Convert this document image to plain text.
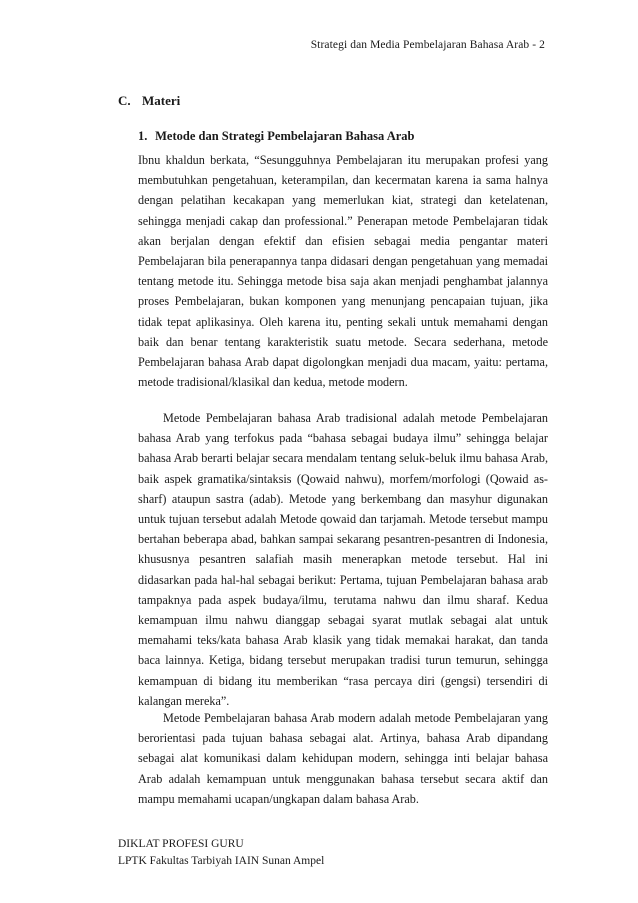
Strategi dan Media Pembelajaran Bahasa Arab - 2
C. Materi
1. Metode dan Strategi Pembelajaran Bahasa Arab

Ibnu khaldun berkata, “Sesungguhnya Pembelajaran itu merupakan profesi yang membutuhkan pengetahuan, keterampilan, dan kecermatan karena ia sama halnya dengan pelatihan kecakapan yang memerlukan kiat, strategi dan ketelatenan, sehingga menjadi cakap dan professional.” Penerapan metode Pembelajaran tidak akan berjalan dengan efektif dan efisien sebagai media pengantar materi Pembelajaran bila penerapannya tanpa didasari dengan pengetahuan yang memadai tentang metode itu. Sehingga metode bisa saja akan menjadi penghambat jalannya proses Pembelajaran, bukan komponen yang menunjang pencapaian tujuan, jika tidak tepat aplikasinya. Oleh karena itu, penting sekali untuk memahami dengan baik dan benar tentang karakteristik suatu metode. Secara sederhana, metode Pembelajaran bahasa Arab dapat digolongkan menjadi dua macam, yaitu: pertama, metode tradisional/klasikal dan kedua, metode modern.

Metode Pembelajaran bahasa Arab tradisional adalah metode Pembelajaran bahasa Arab yang terfokus pada “bahasa sebagai budaya ilmu” sehingga belajar bahasa Arab berarti belajar secara mendalam tentang seluk-beluk ilmu bahasa Arab, baik aspek gramatika/sintaksis (Qowaid nahwu), morfem/morfologi (Qowaid as-sharf) ataupun sastra (adab). Metode yang berkembang dan masyhur digunakan untuk tujuan tersebut adalah Metode qowaid dan tarjamah. Metode tersebut mampu bertahan beberapa abad, bahkan sampai sekarang pesantren-pesantren di Indonesia, khususnya pesantren salafiah masih menerapkan metode tersebut. Hal ini didasarkan pada hal-hal sebagai berikut: Pertama, tujuan Pembelajaran bahasa arab tampaknya pada aspek budaya/ilmu, terutama nahwu dan ilmu sharaf. Kedua kemampuan ilmu nahwu dianggap sebagai syarat mutlak sebagai alat untuk memahami teks/kata bahasa Arab klasik yang tidak memakai harakat, dan tanda baca lainnya. Ketiga, bidang tersebut merupakan tradisi turun temurun, sehingga kemampuan di bidang itu memberikan “rasa percaya diri (gengsi) tersendiri di kalangan mereka”.

Metode Pembelajaran bahasa Arab modern adalah metode Pembelajaran yang berorientasi pada tujuan bahasa sebagai alat. Artinya, bahasa Arab dipandang sebagai alat komunikasi dalam kehidupan modern, sehingga inti belajar bahasa Arab adalah kemampuan untuk menggunakan bahasa tersebut secara aktif dan mampu memahami ucapan/ungkapan dalam bahasa Arab.

DIKLAT PROFESI GURU
LPTK Fakultas Tarbiyah IAIN Sunan Ampel
